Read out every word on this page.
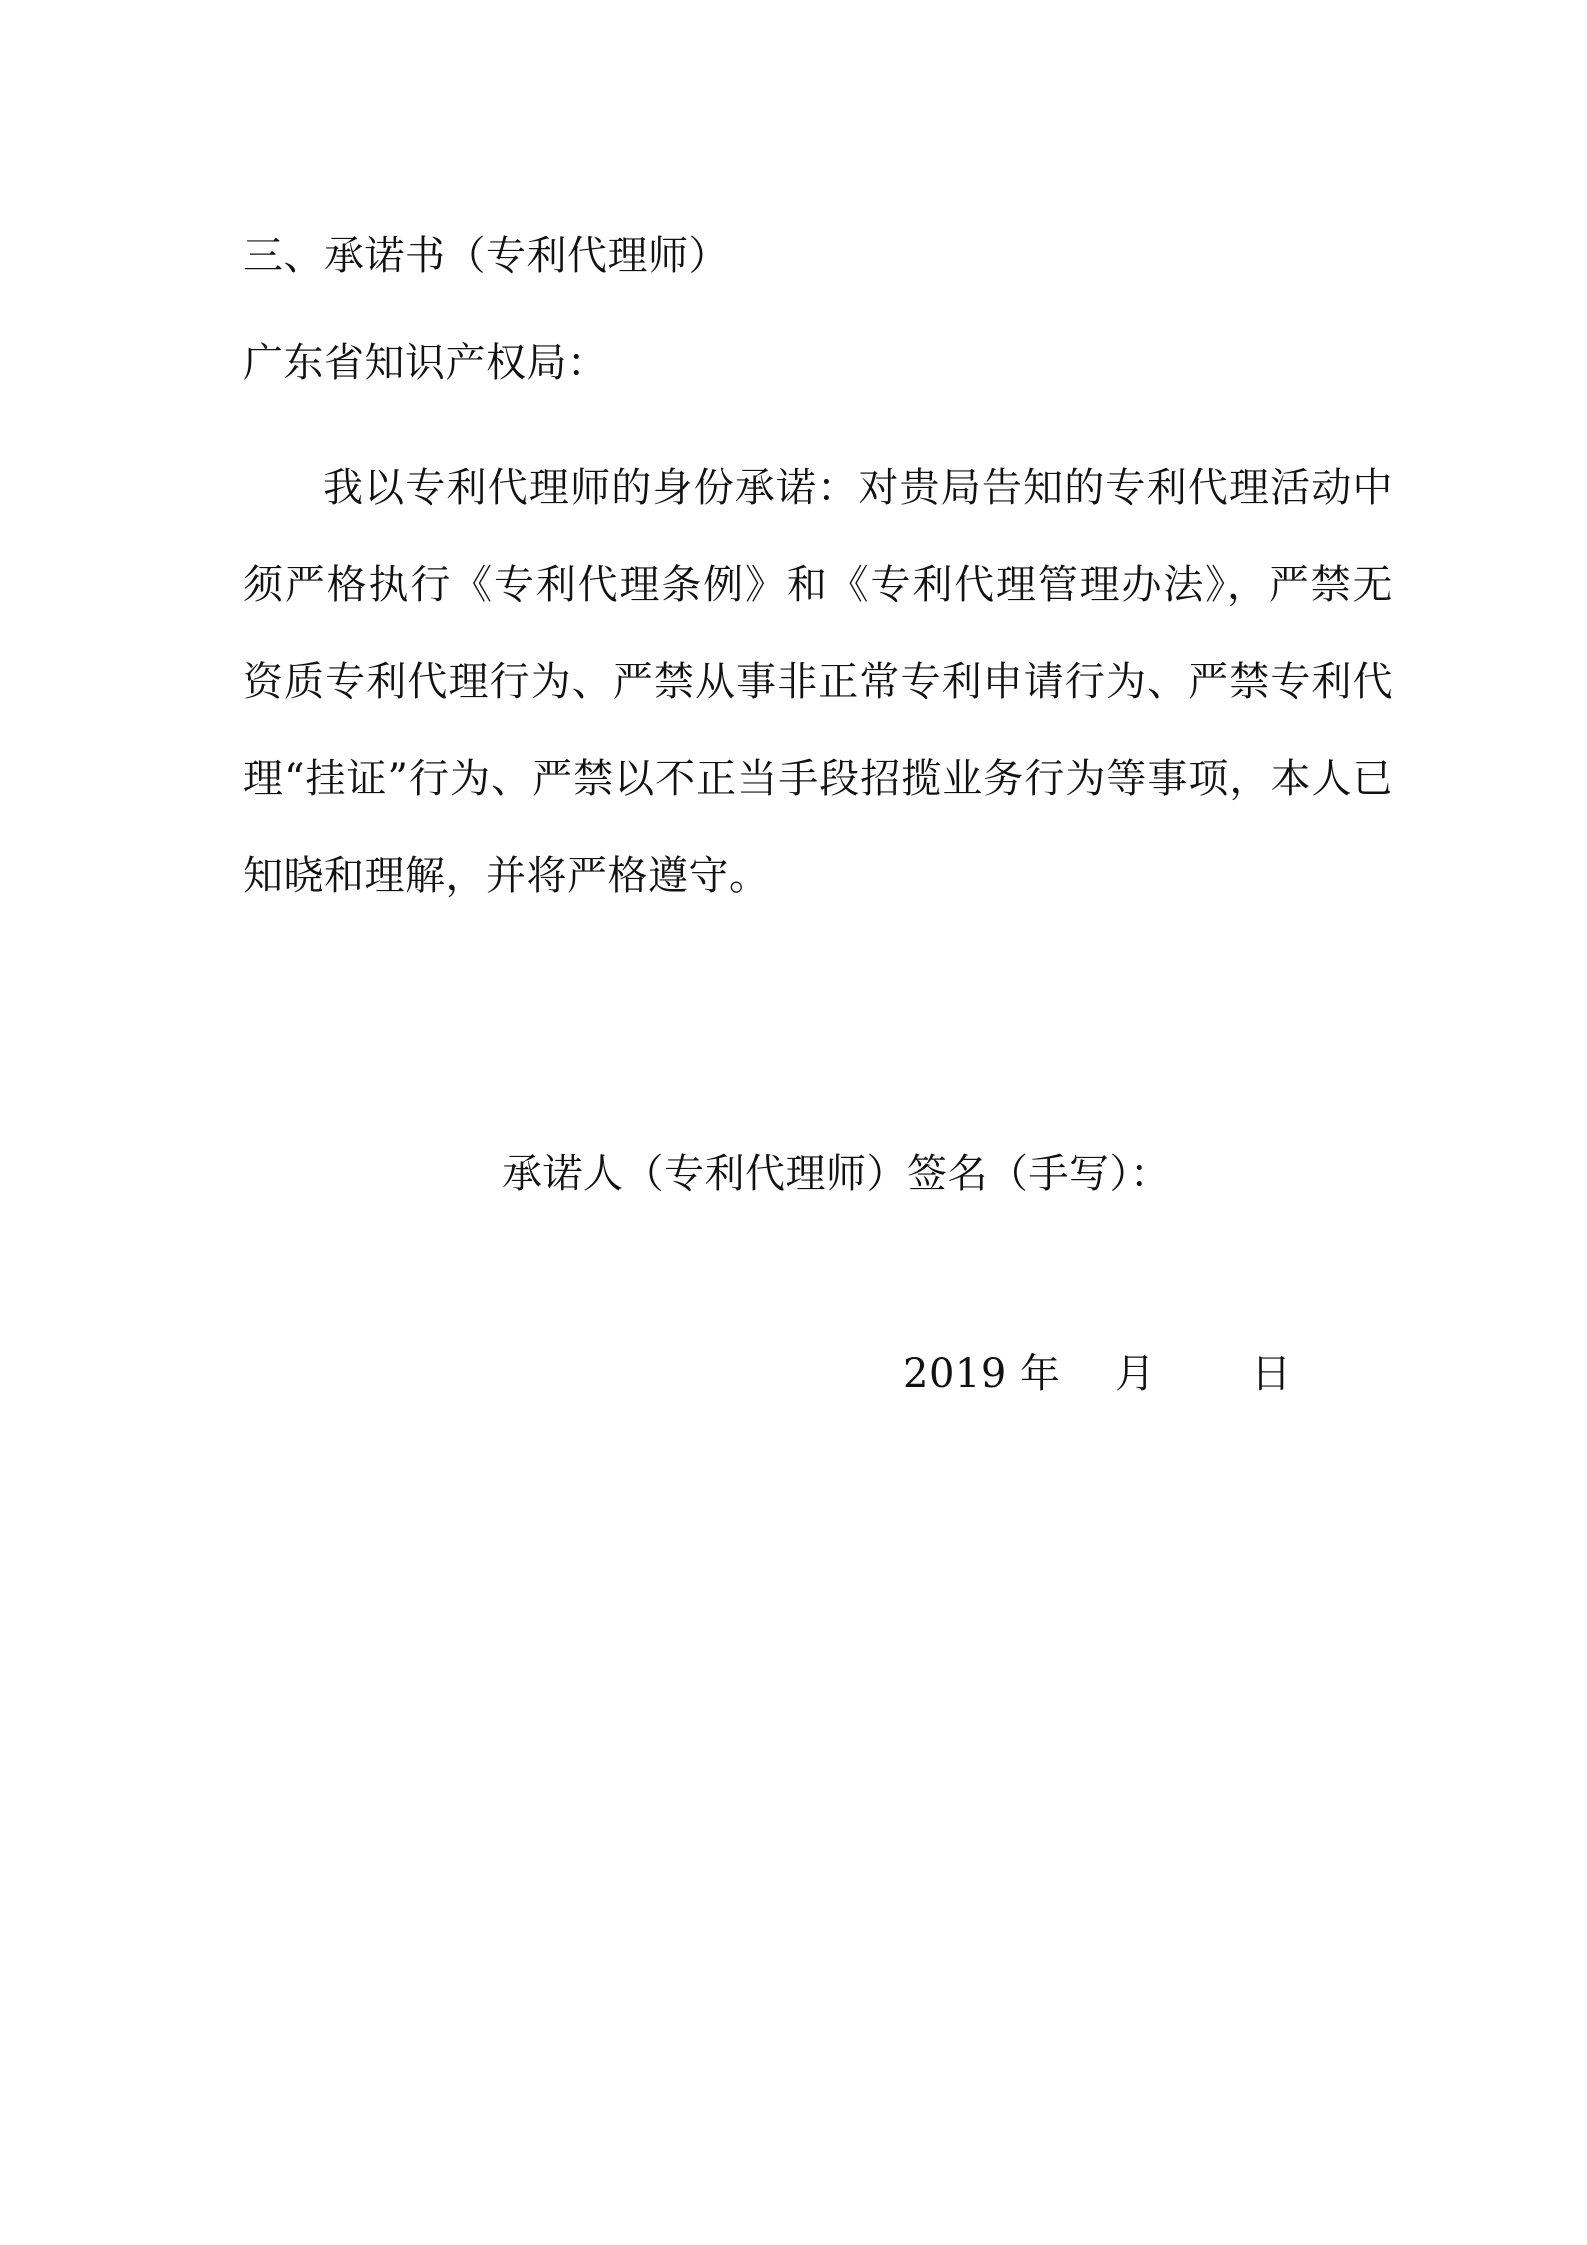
三、承诺书（专利代理师）
广东省知识产权局：
我以专利代理师的身份承诺：对贵局告知的专利代理活动中须严格执行《专利代理条例》和《专利代理管理办法》，严禁无资质专利代理行为、严禁从事非正常专利申请行为、严禁专利代理“挂证”行为、严禁以不正当手段招揽业务行为等事项，本人已知晓和理解，并将严格遵守。
承诺人（专利代理师）签名（手写）：
2019 年 月 日
